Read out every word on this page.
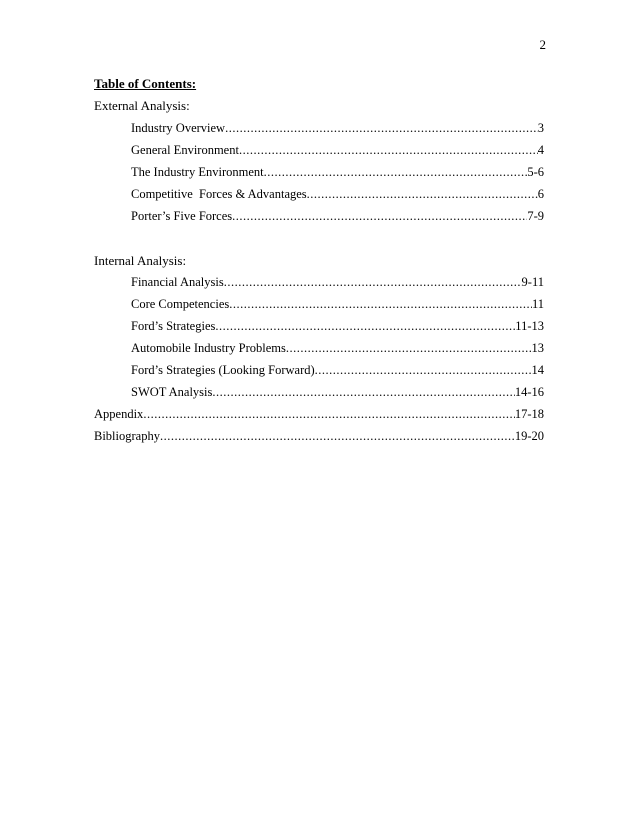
2
Table of Contents:
External Analysis:
Industry Overview .....	3
General Environment .....	4
The Industry Environment .....	5-6
Competitive  Forces & Advantages .....	6
Porter’s Five Forces .....	7-9
Internal Analysis:
Financial Analysis .....	9-11
Core Competencies .....	11
Ford’s Strategies .....	11-13
Automobile Industry Problems .....	13
Ford’s Strategies (Looking Forward) .....	14
SWOT Analysis .....	14-16
Appendix .....	17-18
Bibliography .....	19-20
